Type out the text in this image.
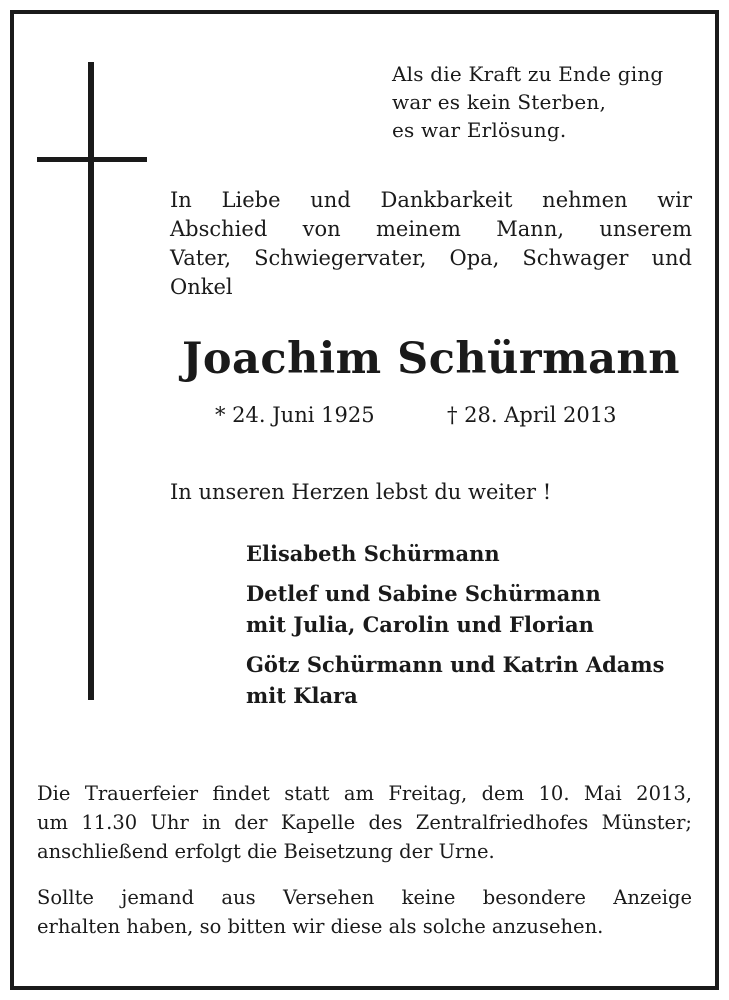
Als die Kraft zu Ende ging
war es kein Sterben,
es war Erlösung.
In Liebe und Dankbarkeit nehmen wir
Abschied von meinem Mann, unserem
Vater, Schwiegervater, Opa, Schwager und
Onkel
Joachim Schürmann
* 24. Juni 1925	† 28. April 2013
In unseren Herzen lebst du weiter !
Elisabeth Schürmann
Detlef und Sabine Schürmann
mit Julia, Carolin und Florian
Götz Schürmann und Katrin Adams
mit Klara
Die Trauerfeier findet statt am Freitag, dem 10. Mai 2013,
um 11.30 Uhr in der Kapelle des Zentralfriedhofes Münster;
anschließend erfolgt die Beisetzung der Urne.
Sollte jemand aus Versehen keine besondere Anzeige
erhalten haben, so bitten wir diese als solche anzusehen.
